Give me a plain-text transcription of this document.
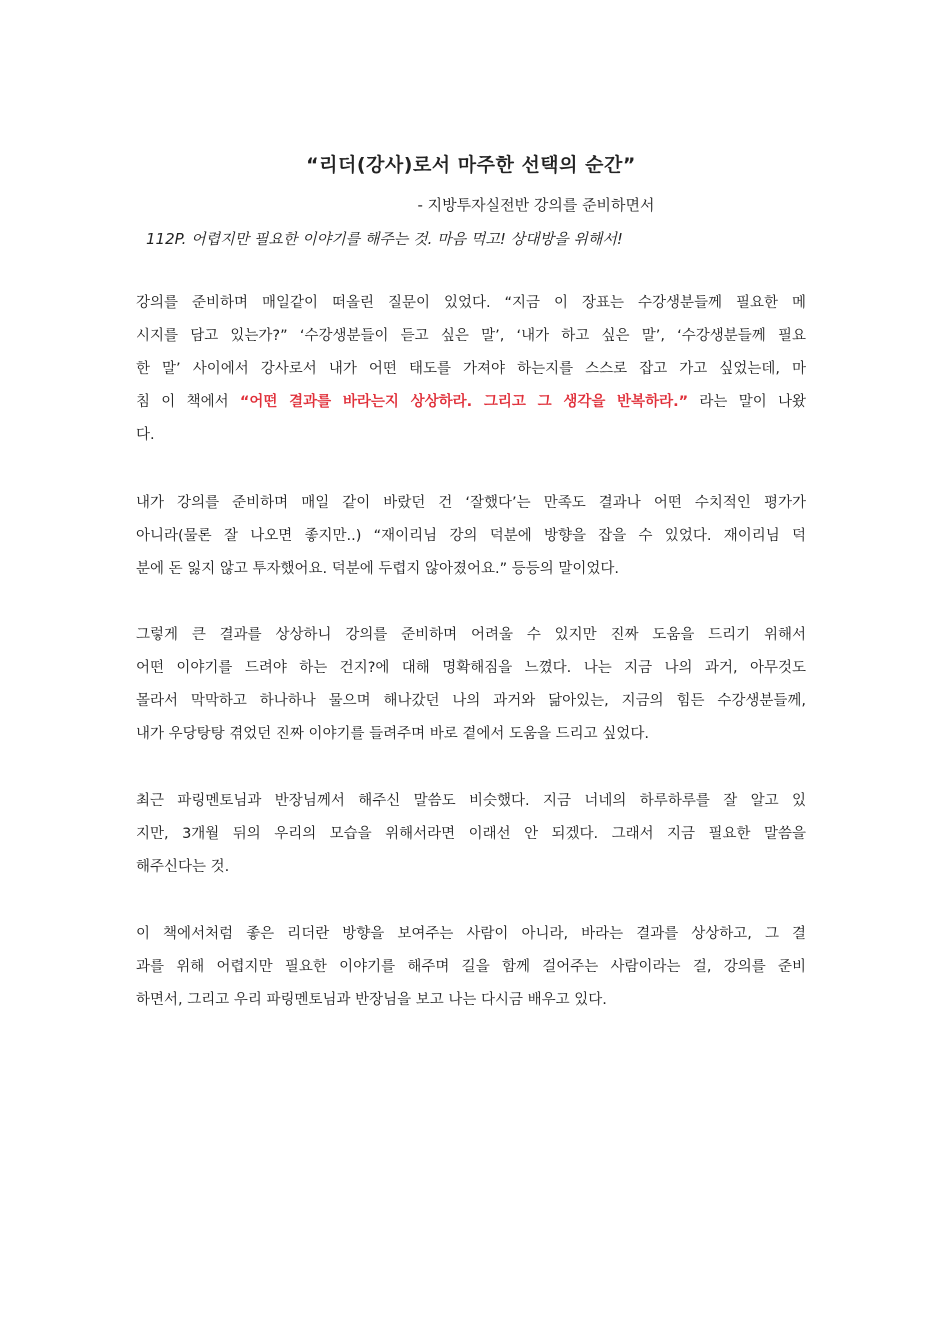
“리더(강사)로서 마주한 선택의 순간”
- 지방투자실전반 강의를 준비하면서
112P. 어렵지만 필요한 이야기를 해주는 것. 마음 먹고! 상대방을 위해서!
강의를 준비하며 매일같이 떠올린 질문이 있었다. “지금 이 장표는 수강생분들께 필요한 메
시지를 담고 있는가?” ‘수강생분들이 듣고 싶은 말’, ‘내가 하고 싶은 말’, ‘수강생분들께 필요
한 말’ 사이에서 강사로서 내가 어떤 태도를 가져야 하는지를 스스로 잡고 가고 싶었는데, 마
침 이 책에서 “어떤 결과를 바라는지 상상하라. 그리고 그 생각을 반복하라.” 라는 말이 나왔
다.
내가 강의를 준비하며 매일 같이 바랐던 건 ‘잘했다’는 만족도 결과나 어떤 수치적인 평가가
아니라(물론 잘 나오면 좋지만..) “재이리님 강의 덕분에 방향을 잡을 수 있었다. 재이리님 덕
분에 돈 잃지 않고 투자했어요. 덕분에 두렵지 않아졌어요.” 등등의 말이었다.
그렇게 큰 결과를 상상하니 강의를 준비하며 어려울 수 있지만 진짜 도움을 드리기 위해서
어떤 이야기를 드려야 하는 건지?에 대해 명확해짐을 느꼈다. 나는 지금 나의 과거, 아무것도
몰라서 막막하고 하나하나 물으며 해나갔던 나의 과거와 닮아있는, 지금의 힘든 수강생분들께,
내가 우당탕탕 겪었던 진짜 이야기를 들려주며 바로 곁에서 도움을 드리고 싶었다.
최근 파링멘토님과 반장님께서 해주신 말씀도 비슷했다. 지금 너네의 하루하루를 잘 알고 있
지만, 3개월 뒤의 우리의 모습을 위해서라면 이래선 안 되겠다. 그래서 지금 필요한 말씀을
해주신다는 것.
이 책에서처럼 좋은 리더란 방향을 보여주는 사람이 아니라, 바라는 결과를 상상하고, 그 결
과를 위해 어렵지만 필요한 이야기를 해주며 길을 함께 걸어주는 사람이라는 걸, 강의를 준비
하면서, 그리고 우리 파링멘토님과 반장님을 보고 나는 다시금 배우고 있다.
